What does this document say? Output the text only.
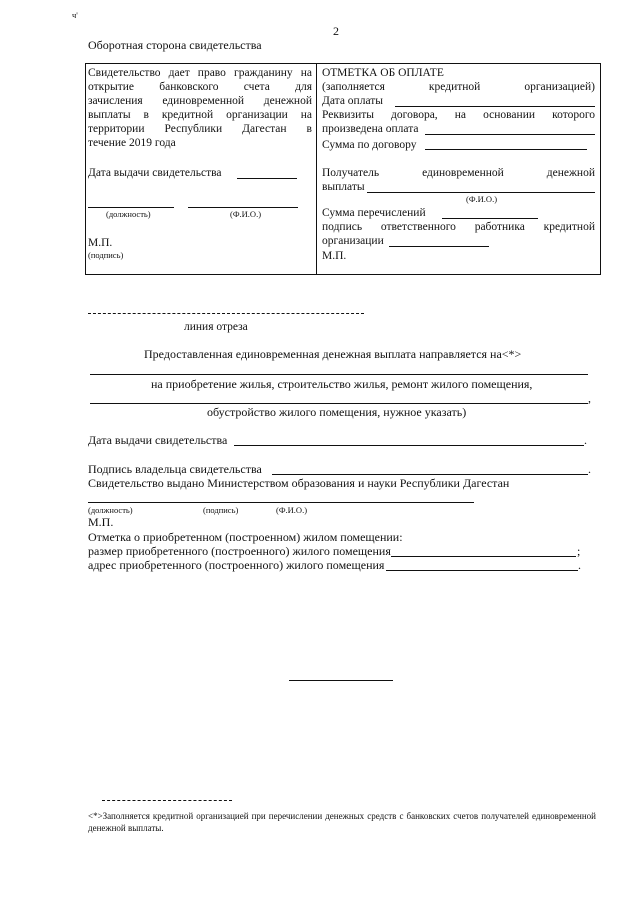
ч'
2
Оборотная сторона свидетельства
Свидетельство дает право гражданину на
открытие банковского счета для
зачисления единовременной денежной
выплаты в кредитной организации на
территории Республики Дагестан в
течение 2019 года
Дата выдачи свидетельства
(должность)	(Ф.И.О.)
М.П.
(подпись)
ОТМЕТКА ОБ ОПЛАТЕ
(заполняется кредитной организацией)
Дата оплаты
Реквизиты договора, на основании которого
произведена оплата
Сумма по договору
Получатель единовременной денежной
выплаты
(Ф.И.О.)
Сумма перечислений
подпись ответственного работника кредитной
организации
М.П.
линия отреза
Предоставленная единовременная денежная выплата направляется на<*>
на приобретение жилья, строительство жилья, ремонт жилого помещения,
,
обустройство жилого помещения, нужное указать)
Дата выдачи свидетельства	.
Подпись владельца свидетельства	.
Свидетельство выдано Министерством образования и науки Республики Дагестан
(должность)	(подпись)	(Ф.И.О.)
М.П.
Отметка о приобретенном (построенном) жилом помещении:
размер приобретенного (построенного) жилого помещения	;
адрес приобретенного (построенного) жилого помещения	.
<*>Заполняется кредитной организацией при перечислении денежных средств с банковских счетов получателей единовременной денежной выплаты.
